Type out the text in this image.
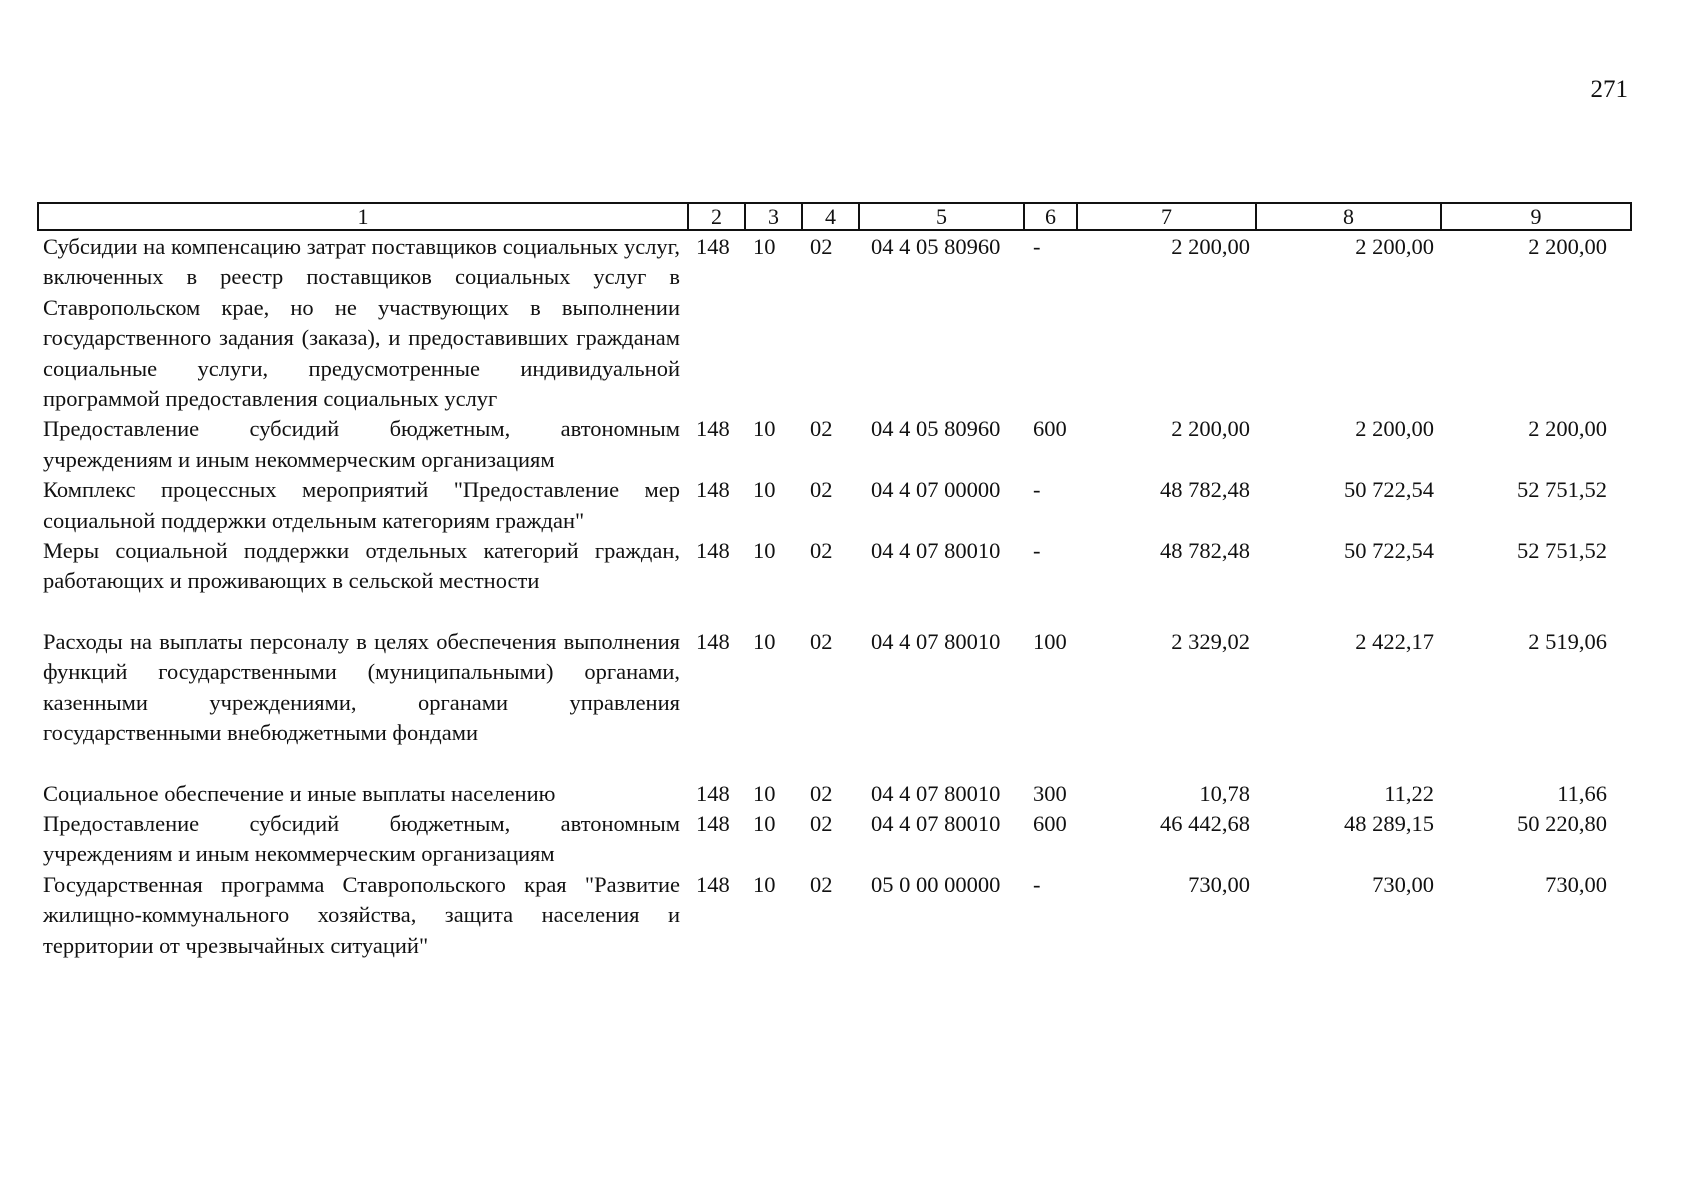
271
1	2	3	4	5	6	7	8	9
Субсидии на компенсацию затрат поставщиков социальных услуг, включенных в реестр поставщиков социальных услуг в Ставропольском крае, но не участвующих в выполнении государственного задания (заказа), и предоставивших гражданам социальные услуги, предусмотренные индивидуальной программой предоставления социальных услуг	148	10	02	04 4 05 80960	-	2 200,00	2 200,00	2 200,00
Предоставление субсидий бюджетным, автономным учреждениям и иным некоммерческим организациям	148	10	02	04 4 05 80960	600	2 200,00	2 200,00	2 200,00
Комплекс процессных мероприятий "Предоставление мер социальной поддержки отдельным категориям граждан"	148	10	02	04 4 07 00000	-	48 782,48	50 722,54	52 751,52
Меры социальной поддержки отдельных категорий граждан, работающих и проживающих в сельской местности	148	10	02	04 4 07 80010	-	48 782,48	50 722,54	52 751,52
Расходы на выплаты персоналу в целях обеспечения выполнения функций государственными (муниципальными) органами, казенными учреждениями, органами управления государственными внебюджетными фондами	148	10	02	04 4 07 80010	100	2 329,02	2 422,17	2 519,06
Социальное обеспечение и иные выплаты населению	148	10	02	04 4 07 80010	300	10,78	11,22	11,66
Предоставление субсидий бюджетным, автономным учреждениям и иным некоммерческим организациям	148	10	02	04 4 07 80010	600	46 442,68	48 289,15	50 220,80
Государственная программа Ставропольского края "Развитие жилищно-коммунального хозяйства, защита населения и территории от чрезвычайных ситуаций"	148	10	02	05 0 00 00000	-	730,00	730,00	730,00
